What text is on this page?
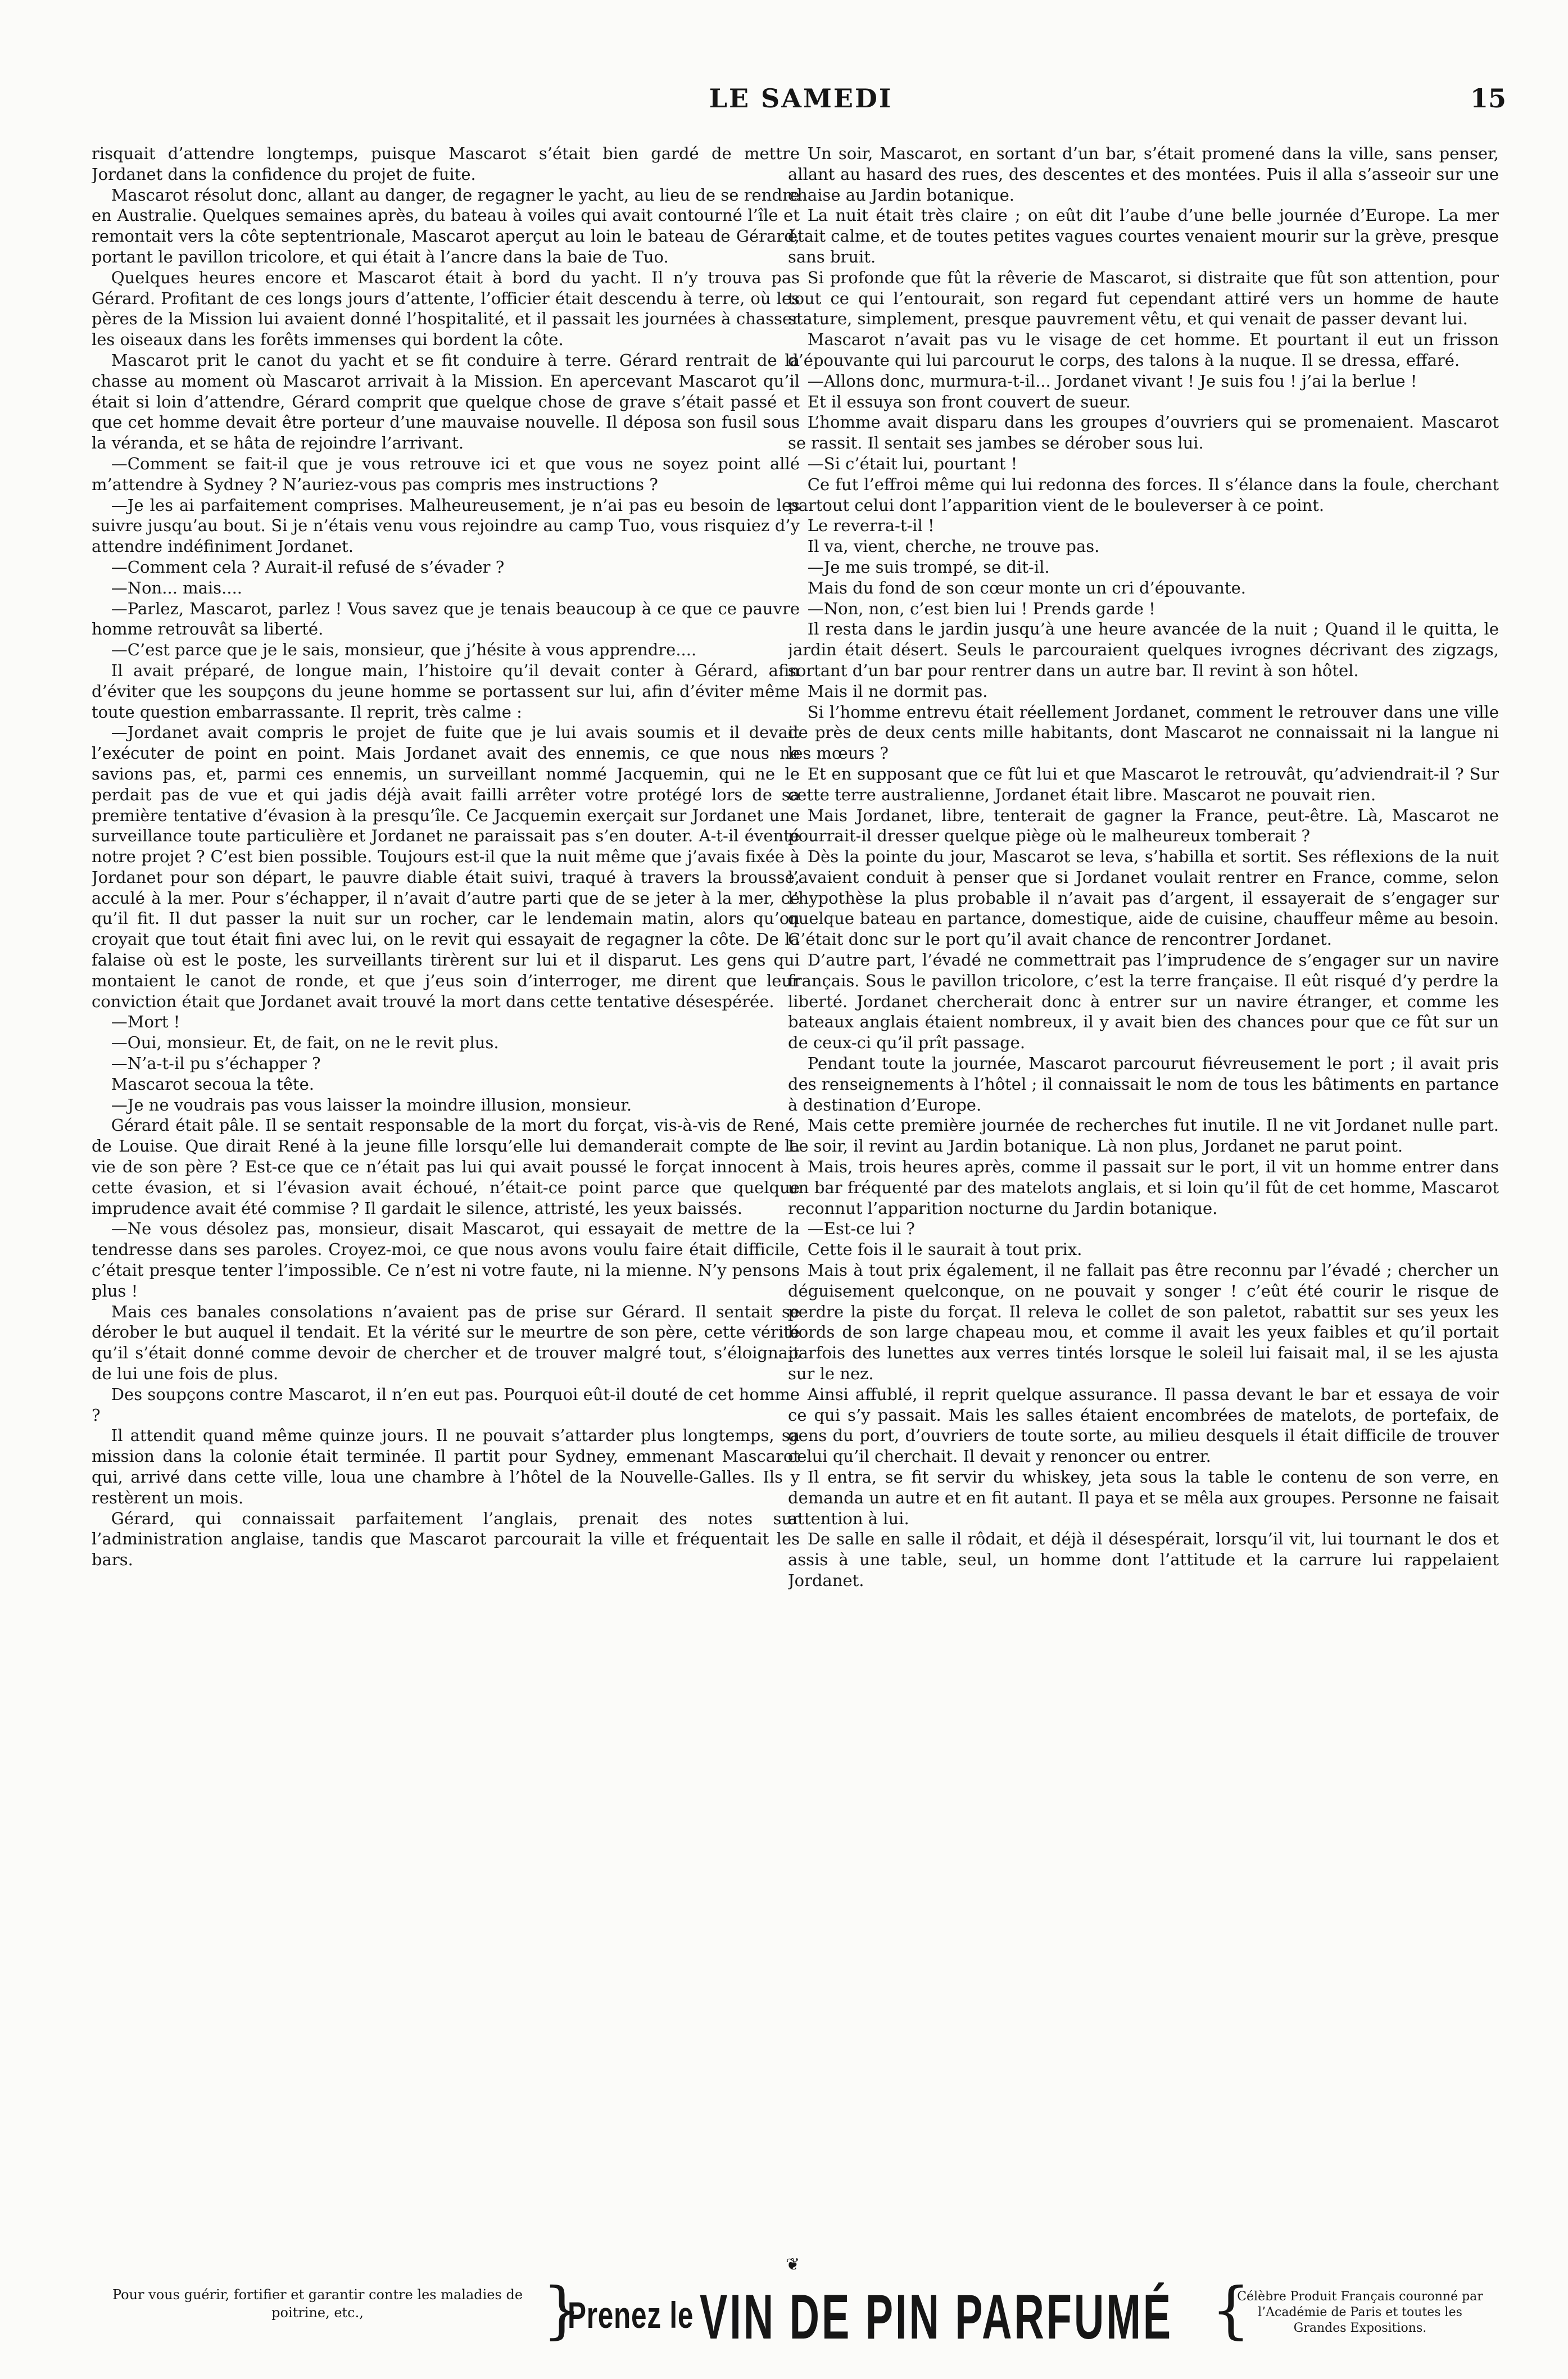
LE SAMEDI	15

risquait d’attendre longtemps, puisque Mascarot s’était bien gardé de mettre Jordanet dans la confidence du projet de fuite.

Mascarot résolut donc, allant au danger, de regagner le yacht, au lieu de se rendre en Australie. Quelques semaines après, du bateau à voiles qui avait contourné l’île et remontait vers la côte septentrionale, Mascarot aperçut au loin le bateau de Gérard, portant le pavillon tricolore, et qui était à l’ancre dans la baie de Tuo.

Quelques heures encore et Mascarot était à bord du yacht. Il n’y trouva pas Gérard. Profitant de ces longs jours d’attente, l’officier était descendu à terre, où les pères de la Mission lui avaient donné l’hospitalité, et il passait les journées à chasser les oiseaux dans les forêts immenses qui bordent la côte.

Mascarot prit le canot du yacht et se fit conduire à terre. Gérard rentrait de la chasse au moment où Mascarot arrivait à la Mission. En apercevant Mascarot qu’il était si loin d’attendre, Gérard comprit que quelque chose de grave s’était passé et que cet homme devait être porteur d’une mauvaise nouvelle. Il déposa son fusil sous la véranda, et se hâta de rejoindre l’arrivant.

—Comment se fait-il que je vous retrouve ici et que vous ne soyez point allé m’attendre à Sydney ? N’auriez-vous pas compris mes instructions ?

—Je les ai parfaitement comprises. Malheureusement, je n’ai pas eu besoin de les suivre jusqu’au bout. Si je n’étais venu vous rejoindre au camp Tuo, vous risquiez d’y attendre indéfiniment Jordanet.

—Comment cela ? Aurait-il refusé de s’évader ?

—Non... mais....

—Parlez, Mascarot, parlez ! Vous savez que je tenais beaucoup à ce que ce pauvre homme retrouvât sa liberté.

—C’est parce que je le sais, monsieur, que j’hésite à vous apprendre....

Il avait préparé, de longue main, l’histoire qu’il devait conter à Gérard, afin d’éviter que les soupçons du jeune homme se portassent sur lui, afin d’éviter même toute question embarrassante. Il reprit, très calme :

—Jordanet avait compris le projet de fuite que je lui avais soumis et il devait l’exécuter de point en point. Mais Jordanet avait des ennemis, ce que nous ne savions pas, et, parmi ces ennemis, un surveillant nommé Jacquemin, qui ne le perdait pas de vue et qui jadis déjà avait failli arrêter votre protégé lors de sa première tentative d’évasion à la presqu’île. Ce Jacquemin exerçait sur Jordanet une surveillance toute particulière et Jordanet ne paraissait pas s’en douter. A-t-il éventé notre projet ? C’est bien possible. Toujours est-il que la nuit même que j’avais fixée à Jordanet pour son départ, le pauvre diable était suivi, traqué à travers la brousse, acculé à la mer. Pour s’échapper, il n’avait d’autre parti que de se jeter à la mer, ce qu’il fit. Il dut passer la nuit sur un rocher, car le lendemain matin, alors qu’on croyait que tout était fini avec lui, on le revit qui essayait de regagner la côte. De la falaise où est le poste, les surveillants tirèrent sur lui et il disparut. Les gens qui montaient le canot de ronde, et que j’eus soin d’interroger, me dirent que leur conviction était que Jordanet avait trouvé la mort dans cette tentative désespérée.

—Mort !

—Oui, monsieur. Et, de fait, on ne le revit plus.

—N’a-t-il pu s’échapper ?

Mascarot secoua la tête.

—Je ne voudrais pas vous laisser la moindre illusion, monsieur.

Gérard était pâle. Il se sentait responsable de la mort du forçat, vis-à-vis de René, de Louise. Que dirait René à la jeune fille lorsqu’elle lui demanderait compte de la vie de son père ? Est-ce que ce n’était pas lui qui avait poussé le forçat innocent à cette évasion, et si l’évasion avait échoué, n’était-ce point parce que quelque imprudence avait été commise ? Il gardait le silence, attristé, les yeux baissés.

—Ne vous désolez pas, monsieur, disait Mascarot, qui essayait de mettre de la tendresse dans ses paroles. Croyez-moi, ce que nous avons voulu faire était difficile, c’était presque tenter l’impossible. Ce n’est ni votre faute, ni la mienne. N’y pensons plus !

Mais ces banales consolations n’avaient pas de prise sur Gérard. Il sentait se dérober le but auquel il tendait. Et la vérité sur le meurtre de son père, cette vérité qu’il s’était donné comme devoir de chercher et de trouver malgré tout, s’éloignait de lui une fois de plus.

Des soupçons contre Mascarot, il n’en eut pas. Pourquoi eût-il douté de cet homme ?

Il attendit quand même quinze jours. Il ne pouvait s’attarder plus longtemps, sa mission dans la colonie était terminée. Il partit pour Sydney, emmenant Mascarot qui, arrivé dans cette ville, loua une chambre à l’hôtel de la Nouvelle-Galles. Ils y restèrent un mois.

Gérard, qui connaissait parfaitement l’anglais, prenait des notes sur l’administration anglaise, tandis que Mascarot parcourait la ville et fréquentait les bars.

Un soir, Mascarot, en sortant d’un bar, s’était promené dans la ville, sans penser, allant au hasard des rues, des descentes et des montées. Puis il alla s’asseoir sur une chaise au Jardin botanique.

La nuit était très claire ; on eût dit l’aube d’une belle journée d’Europe. La mer était calme, et de toutes petites vagues courtes venaient mourir sur la grève, presque sans bruit.

Si profonde que fût la rêverie de Mascarot, si distraite que fût son attention, pour tout ce qui l’entourait, son regard fut cependant attiré vers un homme de haute stature, simplement, presque pauvrement vêtu, et qui venait de passer devant lui.

Mascarot n’avait pas vu le visage de cet homme. Et pourtant il eut un frisson d’épouvante qui lui parcourut le corps, des talons à la nuque. Il se dressa, effaré.

—Allons donc, murmura-t-il... Jordanet vivant ! Je suis fou ! j’ai la berlue !

Et il essuya son front couvert de sueur.

L’homme avait disparu dans les groupes d’ouvriers qui se promenaient. Mascarot se rassit. Il sentait ses jambes se dérober sous lui.

—Si c’était lui, pourtant !

Ce fut l’effroi même qui lui redonna des forces. Il s’élance dans la foule, cherchant partout celui dont l’apparition vient de le bouleverser à ce point.

Le reverra-t-il !

Il va, vient, cherche, ne trouve pas.

—Je me suis trompé, se dit-il.

Mais du fond de son cœur monte un cri d’épouvante.

—Non, non, c’est bien lui ! Prends garde !

Il resta dans le jardin jusqu’à une heure avancée de la nuit ; Quand il le quitta, le jardin était désert. Seuls le parcouraient quelques ivrognes décrivant des zigzags, sortant d’un bar pour rentrer dans un autre bar. Il revint à son hôtel.

Mais il ne dormit pas.

Si l’homme entrevu était réellement Jordanet, comment le retrouver dans une ville de près de deux cents mille habitants, dont Mascarot ne connaissait ni la langue ni les mœurs ?

Et en supposant que ce fût lui et que Mascarot le retrouvât, qu’adviendrait-il ? Sur cette terre australienne, Jordanet était libre. Mascarot ne pouvait rien.

Mais Jordanet, libre, tenterait de gagner la France, peut-être. Là, Mascarot ne pourrait-il dresser quelque piège où le malheureux tomberait ?

Dès la pointe du jour, Mascarot se leva, s’habilla et sortit. Ses réflexions de la nuit l’avaient conduit à penser que si Jordanet voulait rentrer en France, comme, selon l’hypothèse la plus probable il n’avait pas d’argent, il essayerait de s’engager sur quelque bateau en partance, domestique, aide de cuisine, chauffeur même au besoin. C’était donc sur le port qu’il avait chance de rencontrer Jordanet.

D’autre part, l’évadé ne commettrait pas l’imprudence de s’engager sur un navire français. Sous le pavillon tricolore, c’est la terre française. Il eût risqué d’y perdre la liberté. Jordanet chercherait donc à entrer sur un navire étranger, et comme les bateaux anglais étaient nombreux, il y avait bien des chances pour que ce fût sur un de ceux-ci qu’il prît passage.

Pendant toute la journée, Mascarot parcourut fiévreusement le port ; il avait pris des renseignements à l’hôtel ; il connaissait le nom de tous les bâtiments en partance à destination d’Europe.

Mais cette première journée de recherches fut inutile. Il ne vit Jordanet nulle part. Le soir, il revint au Jardin botanique. Là non plus, Jordanet ne parut point.

Mais, trois heures après, comme il passait sur le port, il vit un homme entrer dans un bar fréquenté par des matelots anglais, et si loin qu’il fût de cet homme, Mascarot reconnut l’apparition nocturne du Jardin botanique.

—Est-ce lui ?

Cette fois il le saurait à tout prix.

Mais à tout prix également, il ne fallait pas être reconnu par l’évadé ; chercher un déguisement quelconque, on ne pouvait y songer ! c’eût été courir le risque de perdre la piste du forçat. Il releva le collet de son paletot, rabattit sur ses yeux les bords de son large chapeau mou, et comme il avait les yeux faibles et qu’il portait parfois des lunettes aux verres tintés lorsque le soleil lui faisait mal, il se les ajusta sur le nez.

Ainsi affublé, il reprit quelque assurance. Il passa devant le bar et essaya de voir ce qui s’y passait. Mais les salles étaient encombrées de matelots, de portefaix, de gens du port, d’ouvriers de toute sorte, au milieu desquels il était difficile de trouver celui qu’il cherchait. Il devait y renoncer ou entrer.

Il entra, se fit servir du whiskey, jeta sous la table le contenu de son verre, en demanda un autre et en fit autant. Il paya et se mêla aux groupes. Personne ne faisait attention à lui.

De salle en salle il rôdait, et déjà il désespérait, lorsqu’il vit, lui tournant le dos et assis à une table, seul, un homme dont l’attitude et la carrure lui rappelaient Jordanet.

❦
Pour vous guérir, fortifier et garantir contre les maladies de poitrine, etc.,	}
Prenez le VIN DE PIN PARFUMÉ {
Célèbre Produit Français couronné par l’Académie de Paris et toutes les Grandes Expositions.
